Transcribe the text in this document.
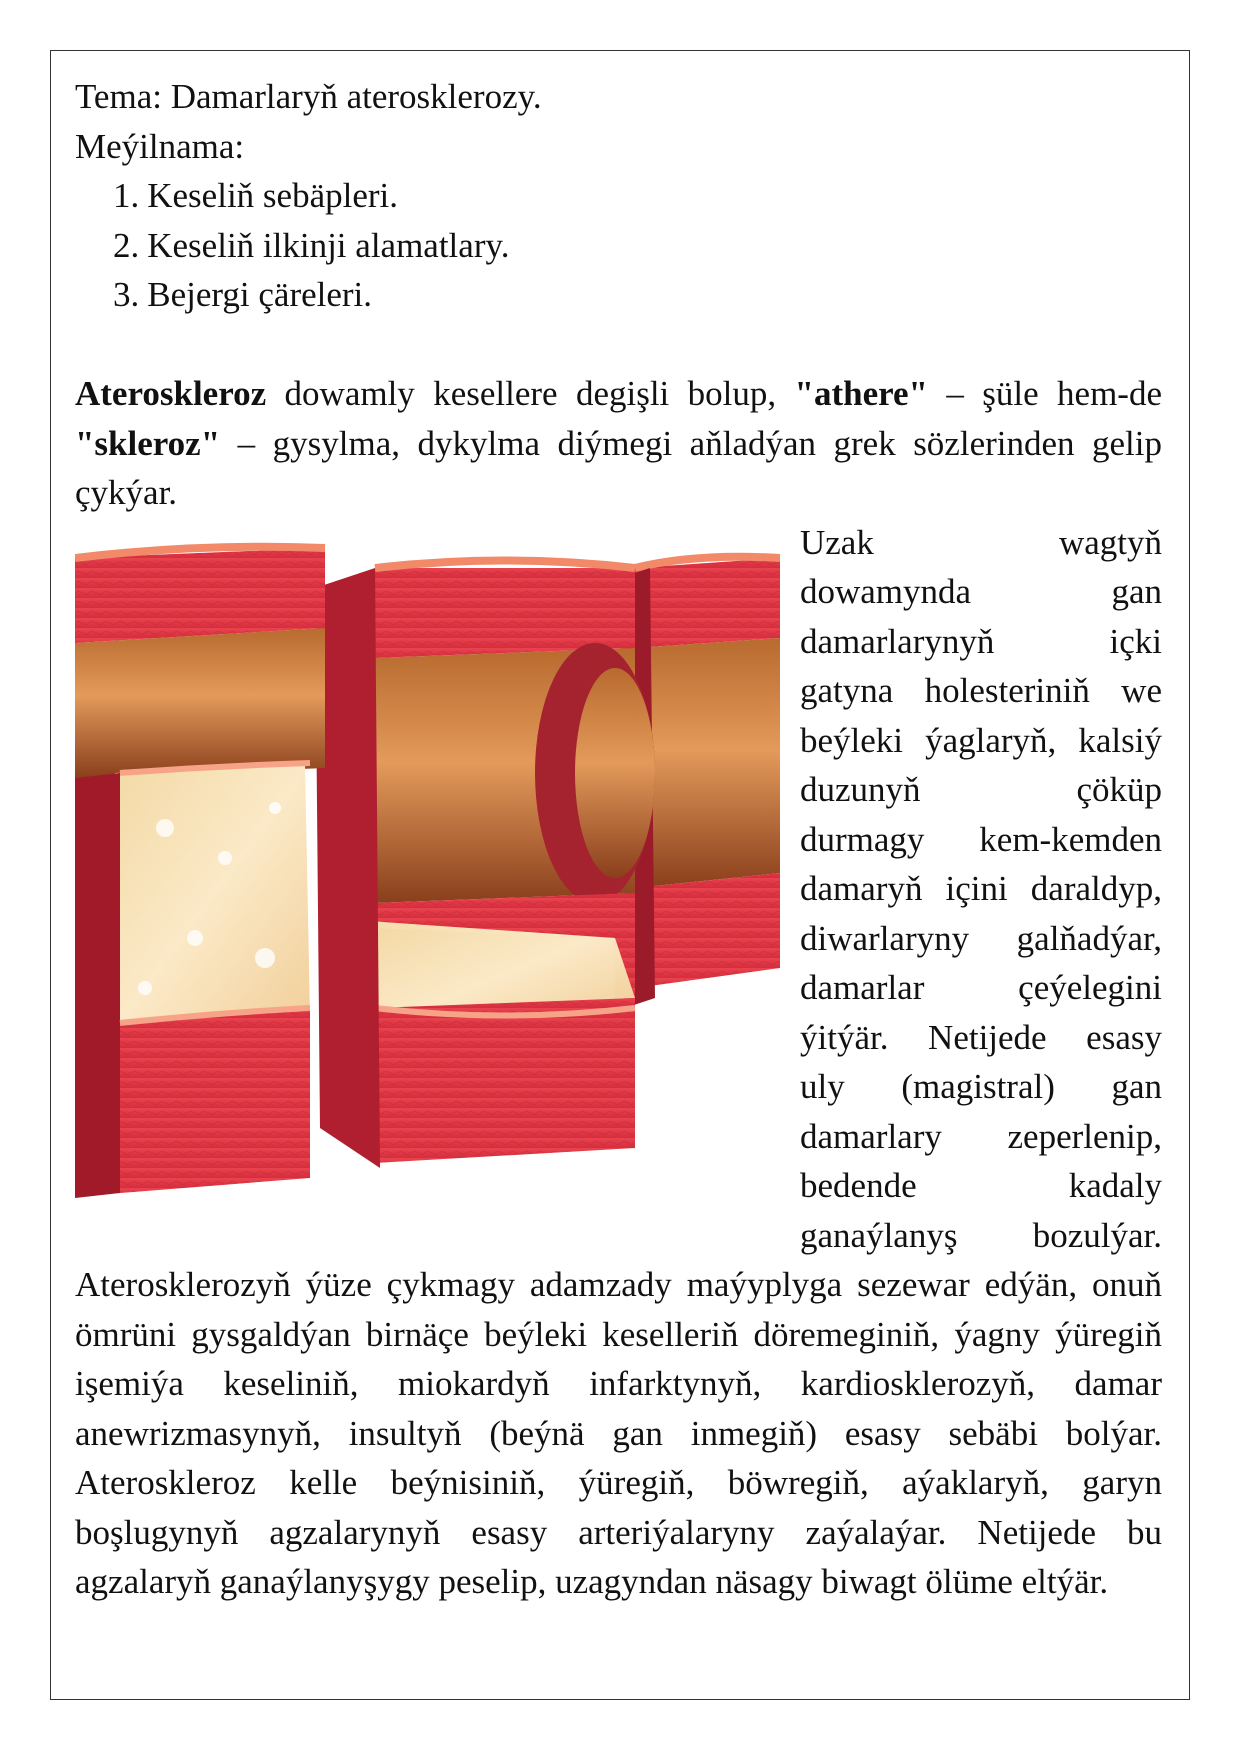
Tema: Damarlaryň aterosklerozy.
Meýilnama:
1. Keseliň sebäpleri.
2. Keseliň ilkinji alamatlary.
3. Bejergi çäreleri.

Ateroskleroz dowamly kesellere degişli bolup, "athere" – şüle hem-de "skleroz" – gysylma, dykylma diýmegi aňladýan grek sözlerinden gelip çykýar.

Uzak wagtyň
dowamynda gan
damarlarynyň içki
gatyna holesteriniň we
beýleki ýaglaryň, kalsiý
duzunyň çöküp
durmagy kem-kemden
damaryň içini daraldyp,
diwarlaryny galňadýar,
damarlar çeýelegini
ýitýär. Netijede esasy
uly (magistral) gan
damarlary zeperlenip,
bedende kadaly
ganaýlanyş bozulýar.

Aterosklerozyň ýüze çykmagy adamzady maýyplyga sezewar edýän, onuň ömrüni gysgaldýan birnäçe beýleki keselleriň döremeginiň, ýagny ýüregiň işemiýa keseliniň, miokardyň infarktynyň, kardiosklerozyň, damar anewrizmasynyň, insultyň (beýnä gan inmegiň) esasy sebäbi bolýar. Ateroskleroz kelle beýnisiniň, ýüregiň, böwregiň, aýaklaryň, garyn boşlugynyň agzalarynyň esasy arteriýalaryny zaýalaýar. Netijede bu agzalaryň ganaýlanyşygy peselip, uzagyndan näsagy biwagt ölüme eltýär.
